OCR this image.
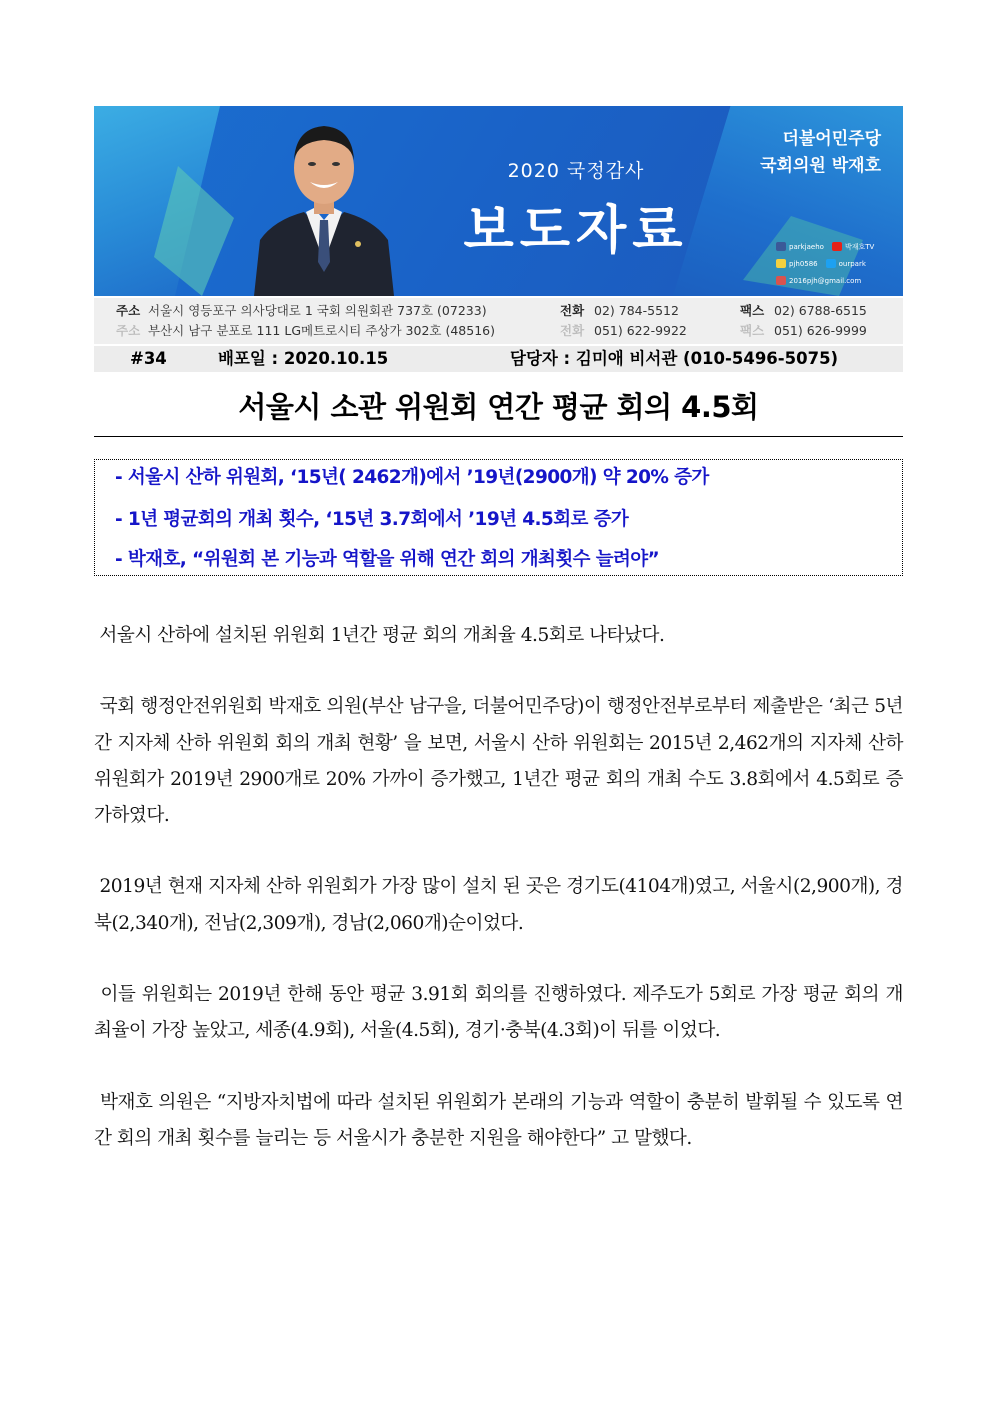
2020 국정감사
보도자료
더불어민주당
국회의원 박재호
parkjaeho	박재호TV
pjh0586	ourpark
2016pjh@gmail.com
주소 서울시 영등포구 의사당대로 1 국회 의원회관 737호 (07233)	전화 02) 784-5512	팩스 02) 6788-6515
주소 부산시 남구 분포로 111 LG메트로시티 주상가 302호 (48516)	전화 051) 622-9922	팩스 051) 626-9999
#34	배포일 : 2020.10.15	담당자 : 김미애 비서관 (010-5496-5075)
서울시 소관 위원회 연간 평균 회의 4.5회
- 서울시 산하 위원회, ‘15년( 2462개)에서 ’19년(2900개) 약 20% 증가
- 1년 평균회의 개최 횟수, ‘15년 3.7회에서 ’19년 4.5회로 증가
- 박재호, “위원회 본 기능과 역할을 위해 연간 회의 개최횟수 늘려야”

서울시 산하에 설치된 위원회 1년간 평균 회의 개최율 4.5회로 나타났다.

국회 행정안전위원회 박재호 의원(부산 남구을, 더불어민주당)이 행정안전부로부터 제출받은 ‘최근 5년간 지자체 산하 위원회 회의 개최 현황’ 을 보면, 서울시 산하 위원회는 2015년 2,462개의 지자체 산하 위원회가 2019년 2900개로 20% 가까이 증가했고, 1년간 평균 회의 개최 수도 3.8회에서 4.5회로 증가하였다.

2019년 현재 지자체 산하 위원회가 가장 많이 설치 된 곳은 경기도(4104개)였고, 서울시(2,900개), 경북(2,340개), 전남(2,309개), 경남(2,060개)순이었다.

이들 위원회는 2019년 한해 동안 평균 3.91회 회의를 진행하였다. 제주도가 5회로 가장 평균 회의 개최율이 가장 높았고, 세종(4.9회), 서울(4.5회), 경기·충북(4.3회)이 뒤를 이었다.

박재호 의원은 “지방자치법에 따라 설치된 위원회가 본래의 기능과 역할이 충분히 발휘될 수 있도록 연간 회의 개최 횟수를 늘리는 등 서울시가 충분한 지원을 해야한다” 고 말했다.
